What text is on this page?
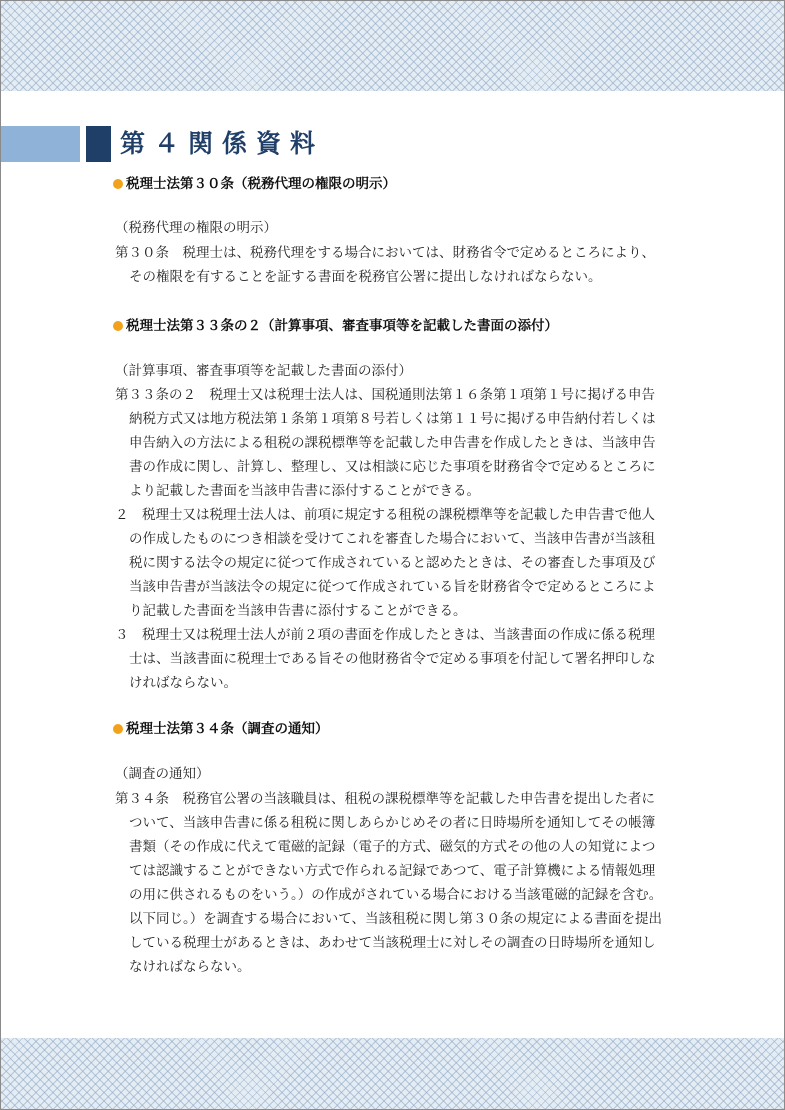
第４関係資料
税理士法第３０条（税務代理の権限の明示）
（税務代理の権限の明示）
第３０条　税理士は、税務代理をする場合においては、財務省令で定めるところにより、
その権限を有することを証する書面を税務官公署に提出しなければならない。
税理士法第３３条の２（計算事項、審査事項等を記載した書面の添付）
（計算事項、審査事項等を記載した書面の添付）
第３３条の２　税理士又は税理士法人は、国税通則法第１６条第１項第１号に掲げる申告
納税方式又は地方税法第１条第１項第８号若しくは第１１号に掲げる申告納付若しくは
申告納入の方法による租税の課税標準等を記載した申告書を作成したときは、当該申告
書の作成に関し、計算し、整理し、又は相談に応じた事項を財務省令で定めるところに
より記載した書面を当該申告書に添付することができる。
２　税理士又は税理士法人は、前項に規定する租税の課税標準等を記載した申告書で他人
の作成したものにつき相談を受けてこれを審査した場合において、当該申告書が当該租
税に関する法令の規定に従つて作成されていると認めたときは、その審査した事項及び
当該申告書が当該法令の規定に従つて作成されている旨を財務省令で定めるところによ
り記載した書面を当該申告書に添付することができる。
３　税理士又は税理士法人が前２項の書面を作成したときは、当該書面の作成に係る税理
士は、当該書面に税理士である旨その他財務省令で定める事項を付記して署名押印しな
ければならない。
税理士法第３４条（調査の通知）
（調査の通知）
第３４条　税務官公署の当該職員は、租税の課税標準等を記載した申告書を提出した者に
ついて、当該申告書に係る租税に関しあらかじめその者に日時場所を通知してその帳簿
書類（その作成に代えて電磁的記録（電子的方式、磁気的方式その他の人の知覚によつ
ては認識することができない方式で作られる記録であつて、電子計算機による情報処理
の用に供されるものをいう。）の作成がされている場合における当該電磁的記録を含む。
以下同じ。）を調査する場合において、当該租税に関し第３０条の規定による書面を提出
している税理士があるときは、あわせて当該税理士に対しその調査の日時場所を通知し
なければならない。
